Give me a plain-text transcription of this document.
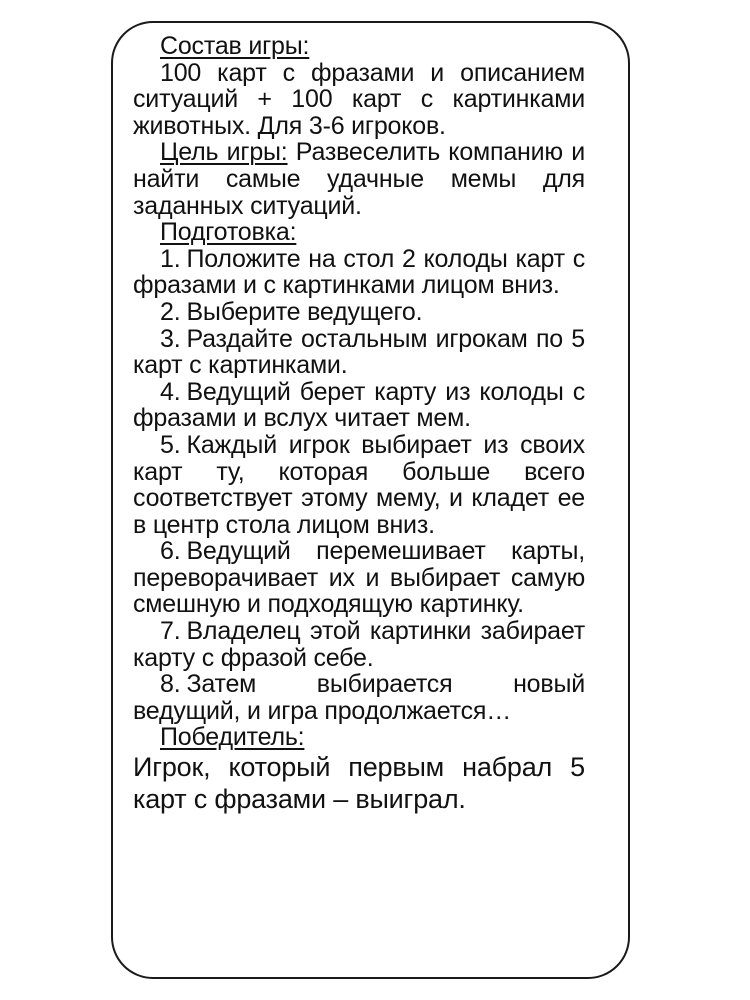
Состав игры:

100 карт с фразами и описанием ситуаций + 100 карт с картинками животных. Для 3-6 игроков.

Цель игры: Развеселить компанию и найти самые удачные мемы для заданных ситуаций.

Подготовка:

1. Положите на стол 2 колоды карт с фразами и с картинками лицом вниз.

2. Выберите ведущего.

3. Раздайте остальным игрокам по 5 карт с картинками.

4. Ведущий берет карту из колоды с фразами и вслух читает мем.

5. Каждый игрок выбирает из своих карт ту, которая больше всего соответствует этому мему, и кладет ее в центр стола лицом вниз.

6. Ведущий перемешивает карты, переворачивает их и выбирает самую смешную и подходящую картинку.

7. Владелец этой картинки забирает карту с фразой себе.

8. Затем выбирается новый ведущий, и игра продолжается…

Победитель:

Игрок, который первым набрал 5 карт с фразами – выиграл.
